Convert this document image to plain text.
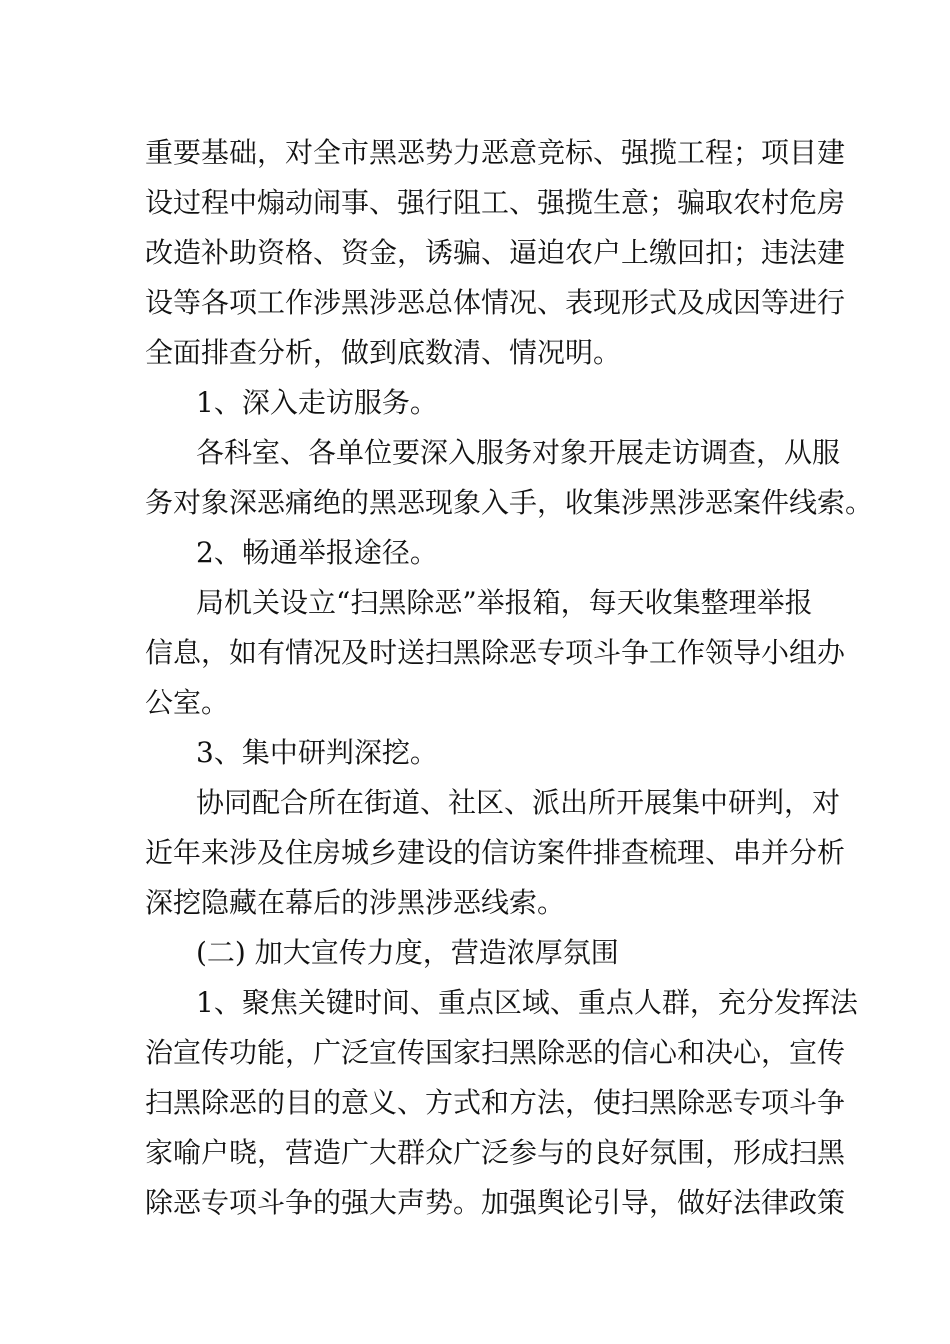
重要基础，对全市黑恶势力恶意竞标、强揽工程；项目建
设过程中煽动闹事、强行阻工、强揽生意；骗取农村危房
改造补助资格、资金，诱骗、逼迫农户上缴回扣；违法建
设等各项工作涉黑涉恶总体情况、表现形式及成因等进行
全面排查分析，做到底数清、情况明。
1、深入走访服务。
各科室、各单位要深入服务对象开展走访调查，从服
务对象深恶痛绝的黑恶现象入手，收集涉黑涉恶案件线索。
2、畅通举报途径。
局机关设立“扫黑除恶”举报箱，每天收集整理举报
信息，如有情况及时送扫黑除恶专项斗争工作领导小组办
公室。
3、集中研判深挖。
协同配合所在街道、社区、派出所开展集中研判，对
近年来涉及住房城乡建设的信访案件排查梳理、串并分析
深挖隐藏在幕后的涉黑涉恶线索。
(二) 加大宣传力度，营造浓厚氛围
1、聚焦关键时间、重点区域、重点人群，充分发挥法
治宣传功能，广泛宣传国家扫黑除恶的信心和决心，宣传
扫黑除恶的目的意义、方式和方法，使扫黑除恶专项斗争
家喻户晓，营造广大群众广泛参与的良好氛围，形成扫黑
除恶专项斗争的强大声势。加强舆论引导，做好法律政策
